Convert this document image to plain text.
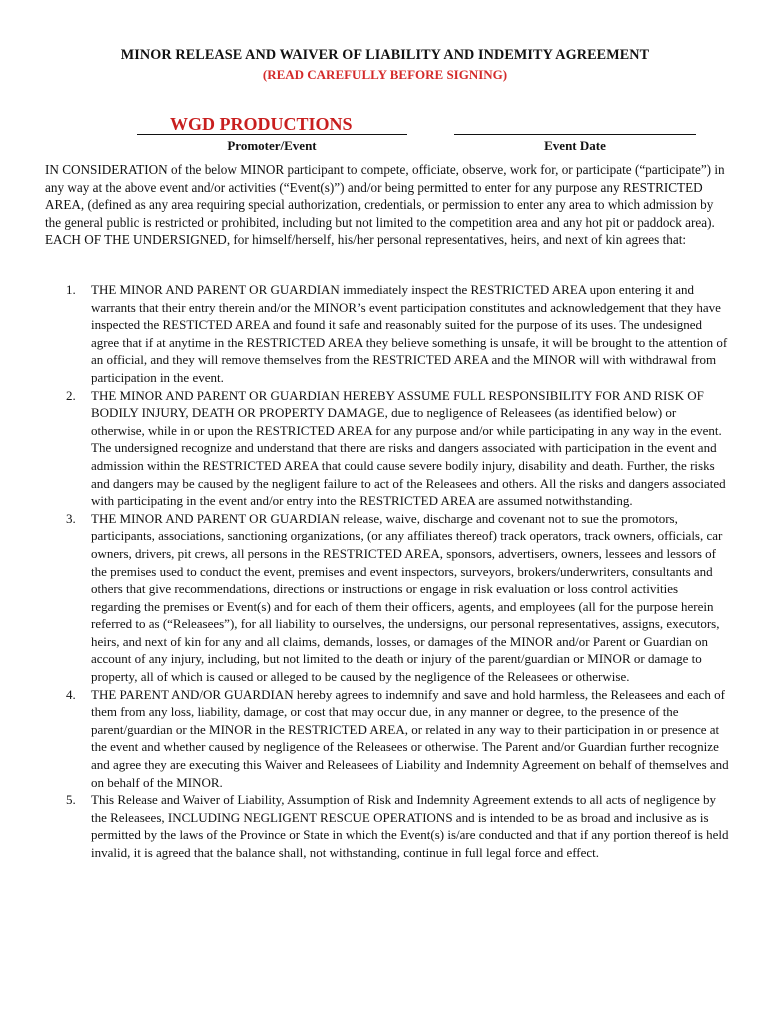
MINOR RELEASE AND WAIVER OF LIABILITY AND INDEMITY AGREEMENT
(READ CAREFULLY BEFORE SIGNING)
WGD PRODUCTIONS
Promoter/Event	Event Date

IN CONSIDERATION of the below MINOR participant to compete, officiate, observe, work for, or participate (“participate”) in any way at the above event and/or activities (“Event(s)”) and/or being permitted to enter for any purpose any RESTRICTED AREA, (defined as any area requiring special authorization, credentials, or permission to enter any area to which admission by the general public is restricted or prohibited, including but not limited to the competition area and any hot pit or paddock area). EACH OF THE UNDERSIGNED, for himself/herself, his/her personal representatives, heirs, and next of kin agrees that:

1. THE MINOR AND PARENT OR GUARDIAN immediately inspect the RESTRICTED AREA upon entering it and warrants that their entry therein and/or the MINOR’s event participation constitutes and acknowledgement that they have inspected the RESTICTED AREA and found it safe and reasonably suited for the purpose of its uses. The undesigned agree that if at anytime in the RESTRICTED AREA they believe something is unsafe, it will be brought to the attention of an official, and they will remove themselves from the RESTRICTED AREA and the MINOR will with withdrawal from participation in the event.
2. THE MINOR AND PARENT OR GUARDIAN HEREBY ASSUME FULL RESPONSIBILITY FOR AND RISK OF BODILY INJURY, DEATH OR PROPERTY DAMAGE, due to negligence of Releasees (as identified below) or otherwise, while in or upon the RESTRICTED AREA for any purpose and/or while participating in any way in the event. The undersigned recognize and understand that there are risks and dangers associated with participation in the event and admission within the RESTRICTED AREA that could cause severe bodily injury, disability and death. Further, the risks and dangers may be caused by the negligent failure to act of the Releasees and others. All the risks and dangers associated with participating in the event and/or entry into the RESTRICTED AREA are assumed notwithstanding.
3. THE MINOR AND PARENT OR GUARDIAN release, waive, discharge and covenant not to sue the promotors, participants, associations, sanctioning organizations, (or any affiliates thereof) track operators, track owners, officials, car owners, drivers, pit crews, all persons in the RESTRICTED AREA, sponsors, advertisers, owners, lessees and lessors of the premises used to conduct the event, premises and event inspectors, surveyors, brokers/underwriters, consultants and others that give recommendations, directions or instructions or engage in risk evaluation or loss control activities regarding the premises or Event(s) and for each of them their officers, agents, and employees (all for the purpose herein referred to as (“Releasees”), for all liability to ourselves, the undersigns, our personal representatives, assigns, executors, heirs, and next of kin for any and all claims, demands, losses, or damages of the MINOR and/or Parent or Guardian on account of any injury, including, but not limited to the death or injury of the parent/guardian or MINOR or damage to property, all of which is caused or alleged to be caused by the negligence of the Releasees or otherwise.
4. THE PARENT AND/OR GUARDIAN hereby agrees to indemnify and save and hold harmless, the Releasees and each of them from any loss, liability, damage, or cost that may occur due, in any manner or degree, to the presence of the parent/guardian or the MINOR in the RESTRICTED AREA, or related in any way to their participation in or presence at the event and whether caused by negligence of the Releasees or otherwise. The Parent and/or Guardian further recognize and agree they are executing this Waiver and Releasees of Liability and Indemnity Agreement on behalf of themselves and on behalf of the MINOR.
5. This Release and Waiver of Liability, Assumption of Risk and Indemnity Agreement extends to all acts of negligence by the Releasees, INCLUDING NEGLIGENT RESCUE OPERATIONS and is intended to be as broad and inclusive as is permitted by the laws of the Province or State in which the Event(s) is/are conducted and that if any portion thereof is held invalid, it is agreed that the balance shall, not withstanding, continue in full legal force and effect.
